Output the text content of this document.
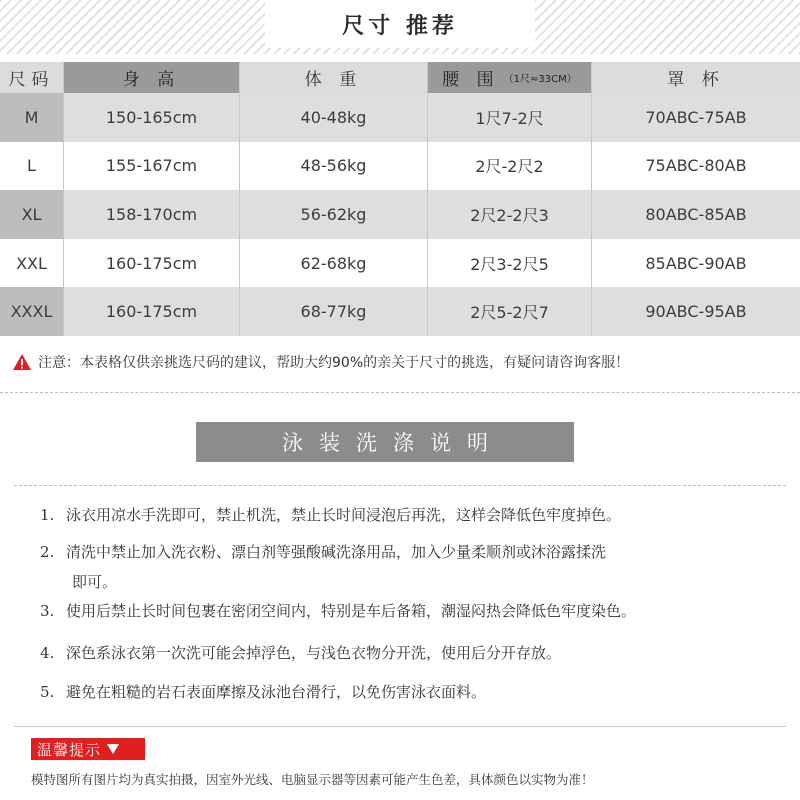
尺寸 推荐
尺码	身 高	体 重	腰 围 （1尺≈33CM）	罩 杯
M	150-165cm	40-48kg	1尺7-2尺	70ABC-75AB
L	155-167cm	48-56kg	2尺-2尺2	75ABC-80AB
XL	158-170cm	56-62kg	2尺2-2尺3	80ABC-85AB
XXL	160-175cm	62-68kg	2尺3-2尺5	85ABC-90AB
XXXL	160-175cm	68-77kg	2尺5-2尺7	90ABC-95AB
注意：本表格仅供亲挑选尺码的建议，帮助大约90%的亲关于尺寸的挑选，有疑问请咨询客服！
泳装洗涤说明
1. 泳衣用凉水手洗即可，禁止机洗，禁止长时间浸泡后再洗，这样会降低色牢度掉色。
2. 清洗中禁止加入洗衣粉、漂白剂等强酸碱洗涤用品，加入少量柔顺剂或沐浴露揉洗
即可。
3. 使用后禁止长时间包裹在密闭空间内，特别是车后备箱，潮湿闷热会降低色牢度染色。
4. 深色系泳衣第一次洗可能会掉浮色，与浅色衣物分开洗，使用后分开存放。
5. 避免在粗糙的岩石表面摩擦及泳池台滑行，以免伤害泳衣面料。
温馨提示
模特图所有图片均为真实拍摄，因室外光线、电脑显示器等因素可能产生色差，具体颜色以实物为准！
